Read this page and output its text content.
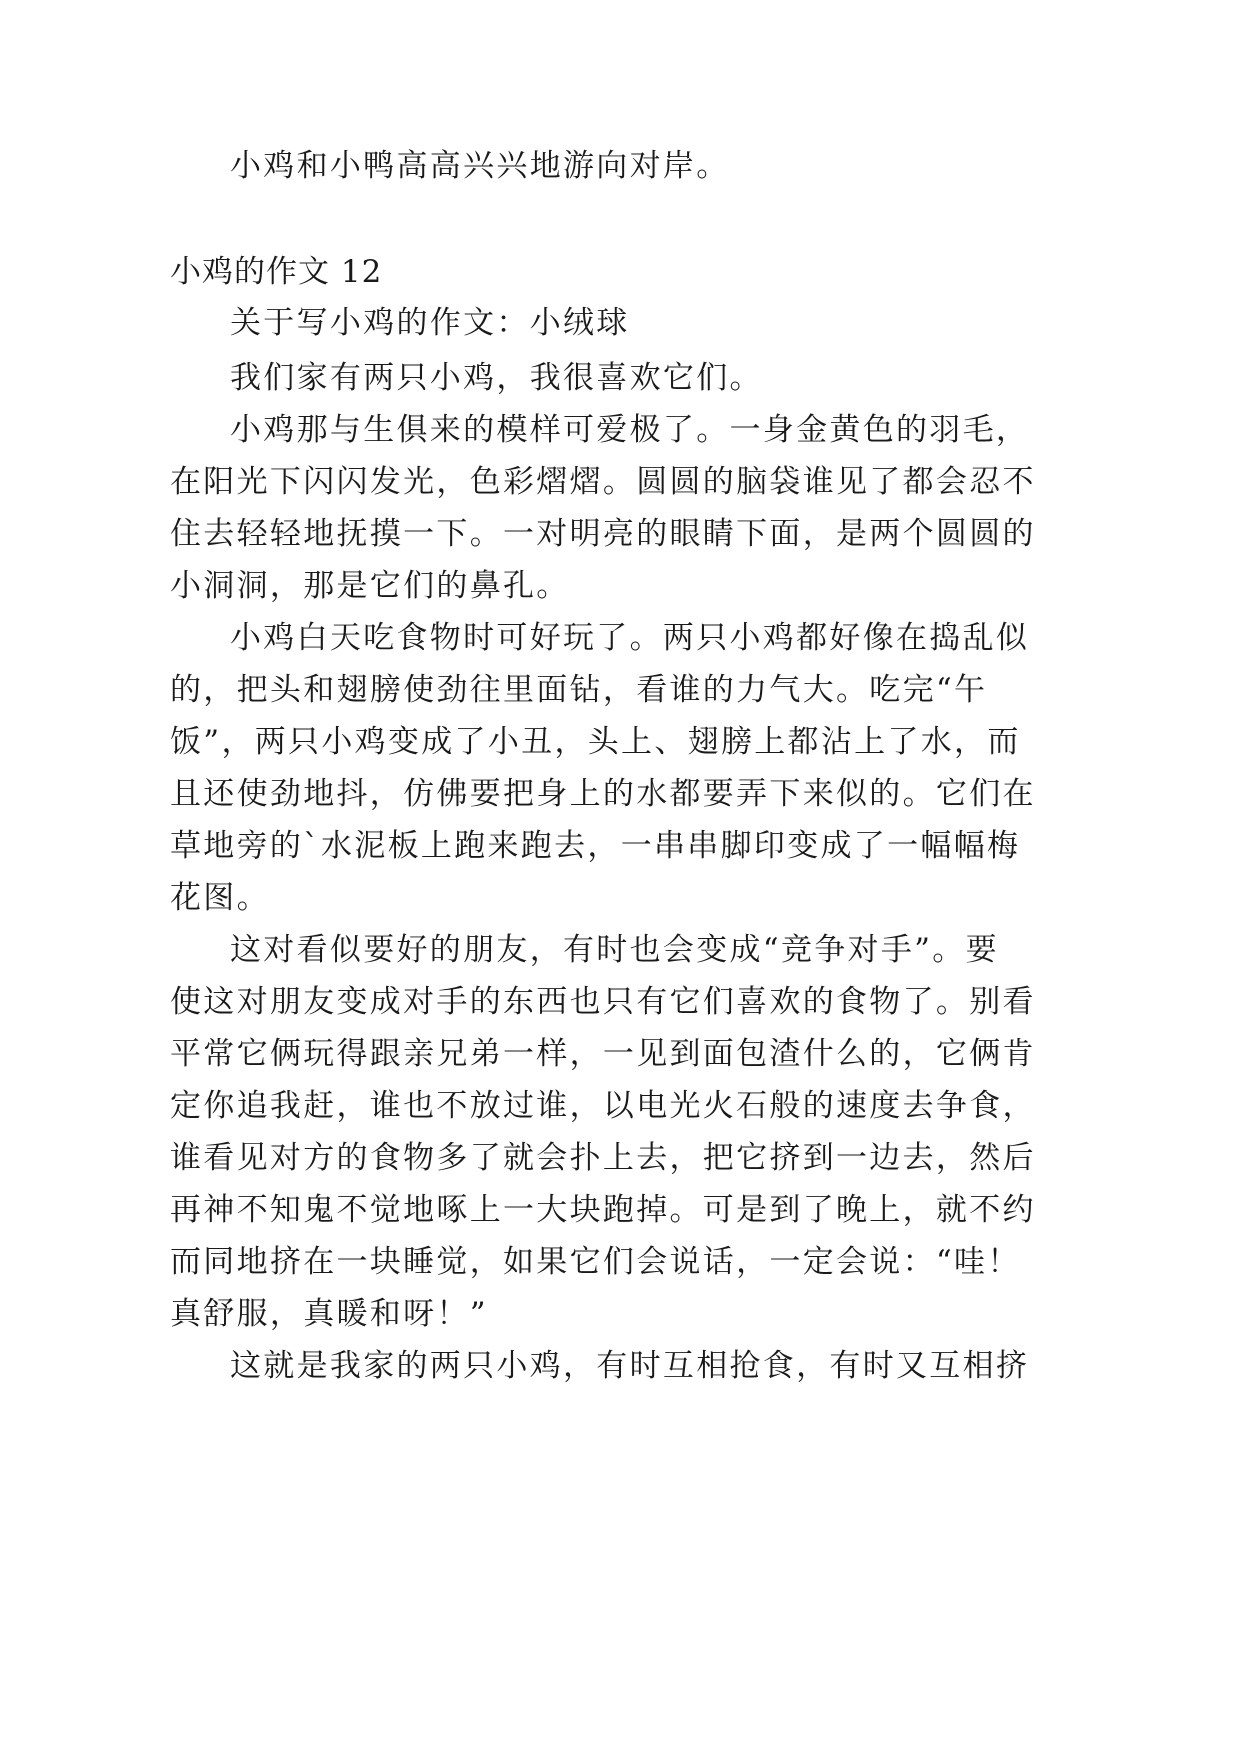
小鸡和小鸭高高兴兴地游向对岸。
小鸡的作文 12
关于写小鸡的作文：小绒球
我们家有两只小鸡，我很喜欢它们。
小鸡那与生俱来的模样可爱极了。一身金黄色的羽毛，
在阳光下闪闪发光，色彩熠熠。圆圆的脑袋谁见了都会忍不
住去轻轻地抚摸一下。一对明亮的眼睛下面，是两个圆圆的
小洞洞，那是它们的鼻孔。
小鸡白天吃食物时可好玩了。两只小鸡都好像在捣乱似
的，把头和翅膀使劲往里面钻，看谁的力气大。吃完“午
饭”，两只小鸡变成了小丑，头上、翅膀上都沾上了水，而
且还使劲地抖，仿佛要把身上的水都要弄下来似的。它们在
草地旁的`水泥板上跑来跑去，一串串脚印变成了一幅幅梅
花图。
这对看似要好的朋友，有时也会变成“竞争对手”。要
使这对朋友变成对手的东西也只有它们喜欢的食物了。别看
平常它俩玩得跟亲兄弟一样，一见到面包渣什么的，它俩肯
定你追我赶，谁也不放过谁，以电光火石般的速度去争食，
谁看见对方的食物多了就会扑上去，把它挤到一边去，然后
再神不知鬼不觉地啄上一大块跑掉。可是到了晚上，就不约
而同地挤在一块睡觉，如果它们会说话，一定会说：“哇！
真舒服，真暖和呀！”
这就是我家的两只小鸡，有时互相抢食，有时又互相挤
